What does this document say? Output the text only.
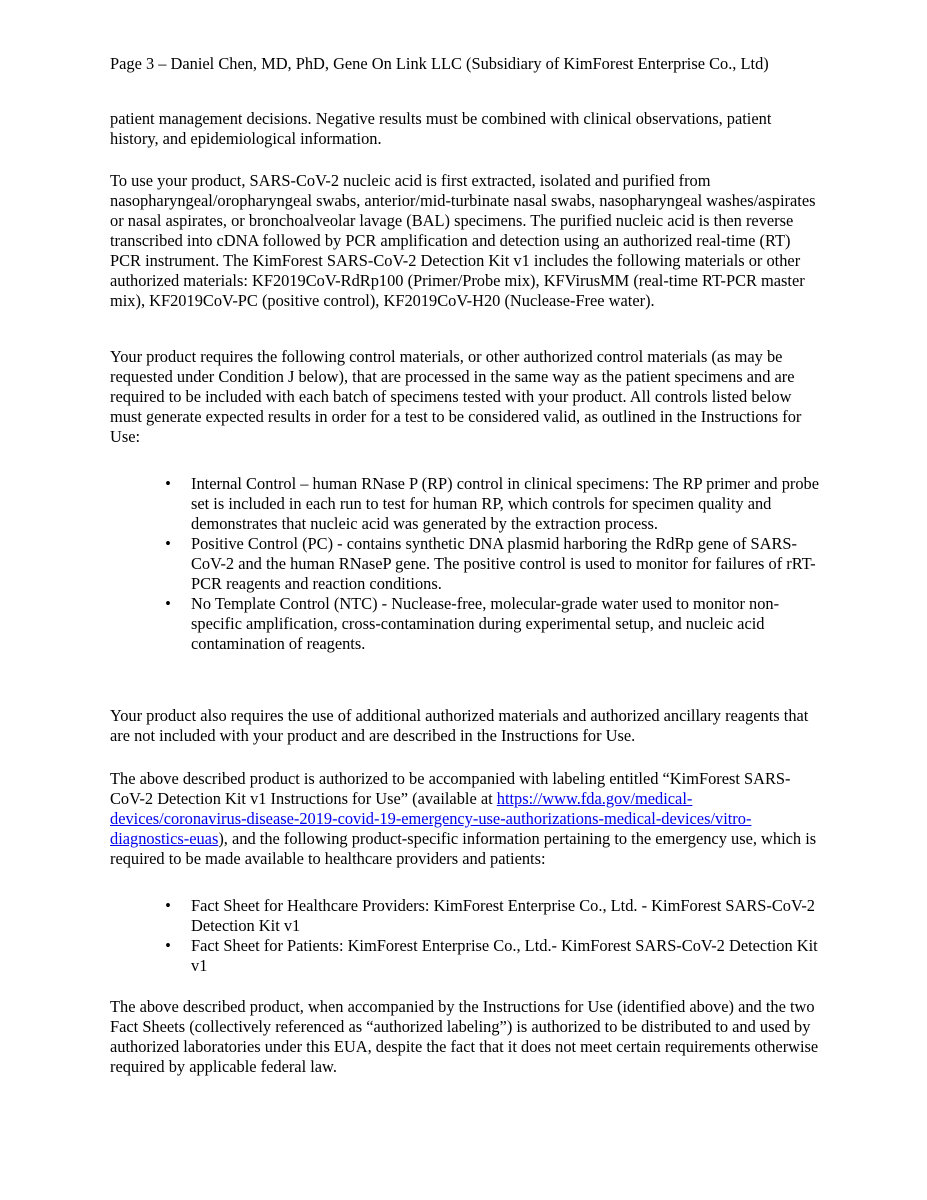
Page 3 – Daniel Chen, MD, PhD, Gene On Link LLC (Subsidiary of KimForest Enterprise Co., Ltd)

patient management decisions. Negative results must be combined with clinical observations, patient history, and epidemiological information.

To use your product, SARS-CoV-2 nucleic acid is first extracted, isolated and purified from nasopharyngeal/oropharyngeal swabs, anterior/mid-turbinate nasal swabs, nasopharyngeal washes/aspirates or nasal aspirates, or bronchoalveolar lavage (BAL) specimens. The purified nucleic acid is then reverse transcribed into cDNA followed by PCR amplification and detection using an authorized real-time (RT) PCR instrument. The KimForest SARS-CoV-2 Detection Kit v1 includes the following materials or other authorized materials: KF2019CoV-RdRp100 (Primer/Probe mix), KFVirusMM (real-time RT-PCR master mix), KF2019CoV-PC (positive control), KF2019CoV-H20 (Nuclease-Free water).

Your product requires the following control materials, or other authorized control materials (as may be requested under Condition J below), that are processed in the same way as the patient specimens and are required to be included with each batch of specimens tested with your product. All controls listed below must generate expected results in order for a test to be considered valid, as outlined in the Instructions for Use:

• Internal Control – human RNase P (RP) control in clinical specimens: The RP primer and probe set is included in each run to test for human RP, which controls for specimen quality and demonstrates that nucleic acid was generated by the extraction process.
• Positive Control (PC) - contains synthetic DNA plasmid harboring the RdRp gene of SARS-CoV-2 and the human RNaseP gene. The positive control is used to monitor for failures of rRT-PCR reagents and reaction conditions.
• No Template Control (NTC) - Nuclease-free, molecular-grade water used to monitor non-specific amplification, cross-contamination during experimental setup, and nucleic acid contamination of reagents.

Your product also requires the use of additional authorized materials and authorized ancillary reagents that are not included with your product and are described in the Instructions for Use.

The above described product is authorized to be accompanied with labeling entitled “KimForest SARS-CoV-2 Detection Kit v1 Instructions for Use” (available at https://www.fda.gov/medical-devices/coronavirus-disease-2019-covid-19-emergency-use-authorizations-medical-devices/vitro-diagnostics-euas), and the following product-specific information pertaining to the emergency use, which is required to be made available to healthcare providers and patients:

• Fact Sheet for Healthcare Providers: KimForest Enterprise Co., Ltd. - KimForest SARS-CoV-2 Detection Kit v1
• Fact Sheet for Patients: KimForest Enterprise Co., Ltd.- KimForest SARS-CoV-2 Detection Kit v1

The above described product, when accompanied by the Instructions for Use (identified above) and the two Fact Sheets (collectively referenced as “authorized labeling”) is authorized to be distributed to and used by authorized laboratories under this EUA, despite the fact that it does not meet certain requirements otherwise required by applicable federal law.
